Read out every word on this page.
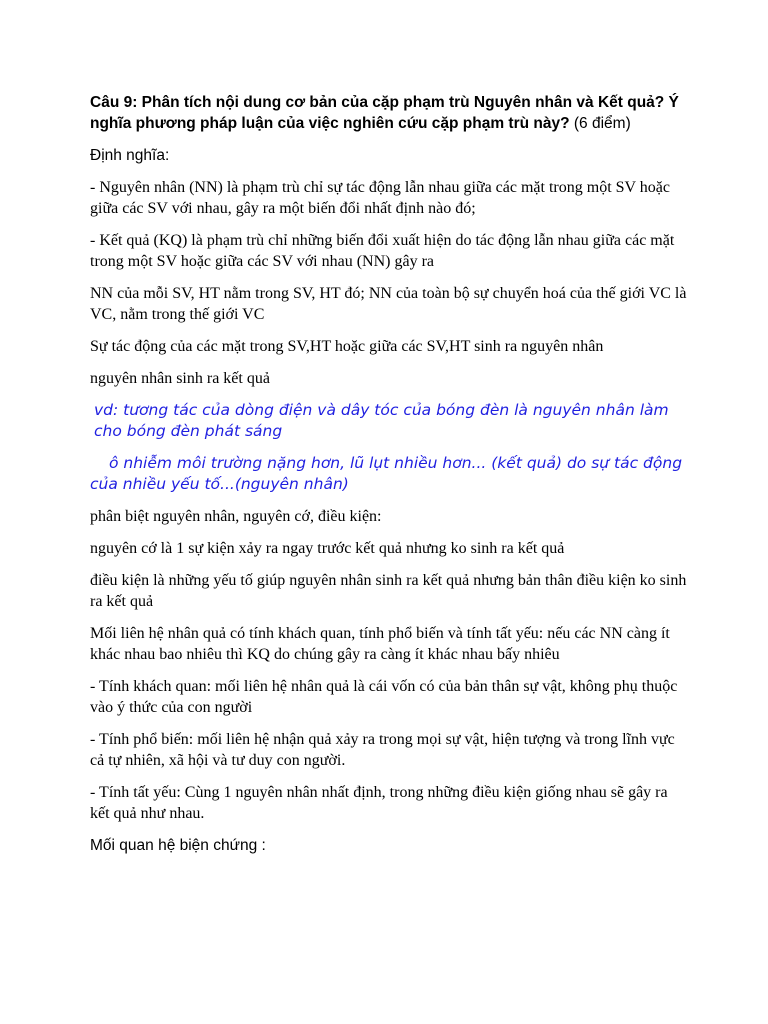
Câu 9: Phân tích nội dung cơ bản của cặp phạm trù Nguyên nhân và Kết quả? Ý nghĩa phương pháp luận của việc nghiên cứu cặp phạm trù này? (6 điểm)

Định nghĩa:

- Nguyên nhân (NN) là phạm trù chỉ sự tác động lẫn nhau giữa các mặt trong một SV hoặc giữa các SV với nhau, gây ra một biến đổi nhất định nào đó;

- Kết quả (KQ) là phạm trù chỉ những biến đổi xuất hiện do tác động lẫn nhau giữa các mặt trong một SV hoặc giữa các SV với nhau (NN) gây ra

NN của mỗi SV, HT nằm trong SV, HT đó; NN của toàn bộ sự chuyển hoá của thế giới VC là VC, nằm trong thế giới VC

Sự tác động của các mặt trong SV,HT hoặc giữa các SV,HT sinh ra nguyên nhân

nguyên nhân sinh ra kết quả

vd: tương tác của dòng điện và dây tóc của bóng đèn là nguyên nhân làm cho bóng đèn phát sáng

ô nhiễm môi trường nặng hơn, lũ lụt nhiều hơn... (kết quả) do sự tác động của nhiều yếu tố...(nguyên nhân)

phân biệt nguyên nhân, nguyên cớ, điều kiện:

nguyên cớ là 1 sự kiện xảy ra ngay trước kết quả nhưng ko sinh ra kết quả

điều kiện là những yếu tố giúp nguyên nhân sinh ra kết quả nhưng bản thân điều kiện ko sinh ra kết quả

Mối liên hệ nhân quả có tính khách quan, tính phổ biến và tính tất yếu: nếu các NN càng ít khác nhau bao nhiêu thì KQ do chúng gây ra càng ít khác nhau bấy nhiêu

- Tính khách quan: mối liên hệ nhân quả là cái vốn có của bản thân sự vật, không phụ thuộc vào ý thức của con người

- Tính phổ biến: mối liên hệ nhận quả xảy ra trong mọi sự vật, hiện tượng và trong lĩnh vực cả tự nhiên, xã hội và tư duy con người.

- Tính tất yếu: Cùng 1 nguyên nhân nhất định, trong những điều kiện giống nhau sẽ gây ra kết quả như nhau.

Mối quan hệ biện chứng :
